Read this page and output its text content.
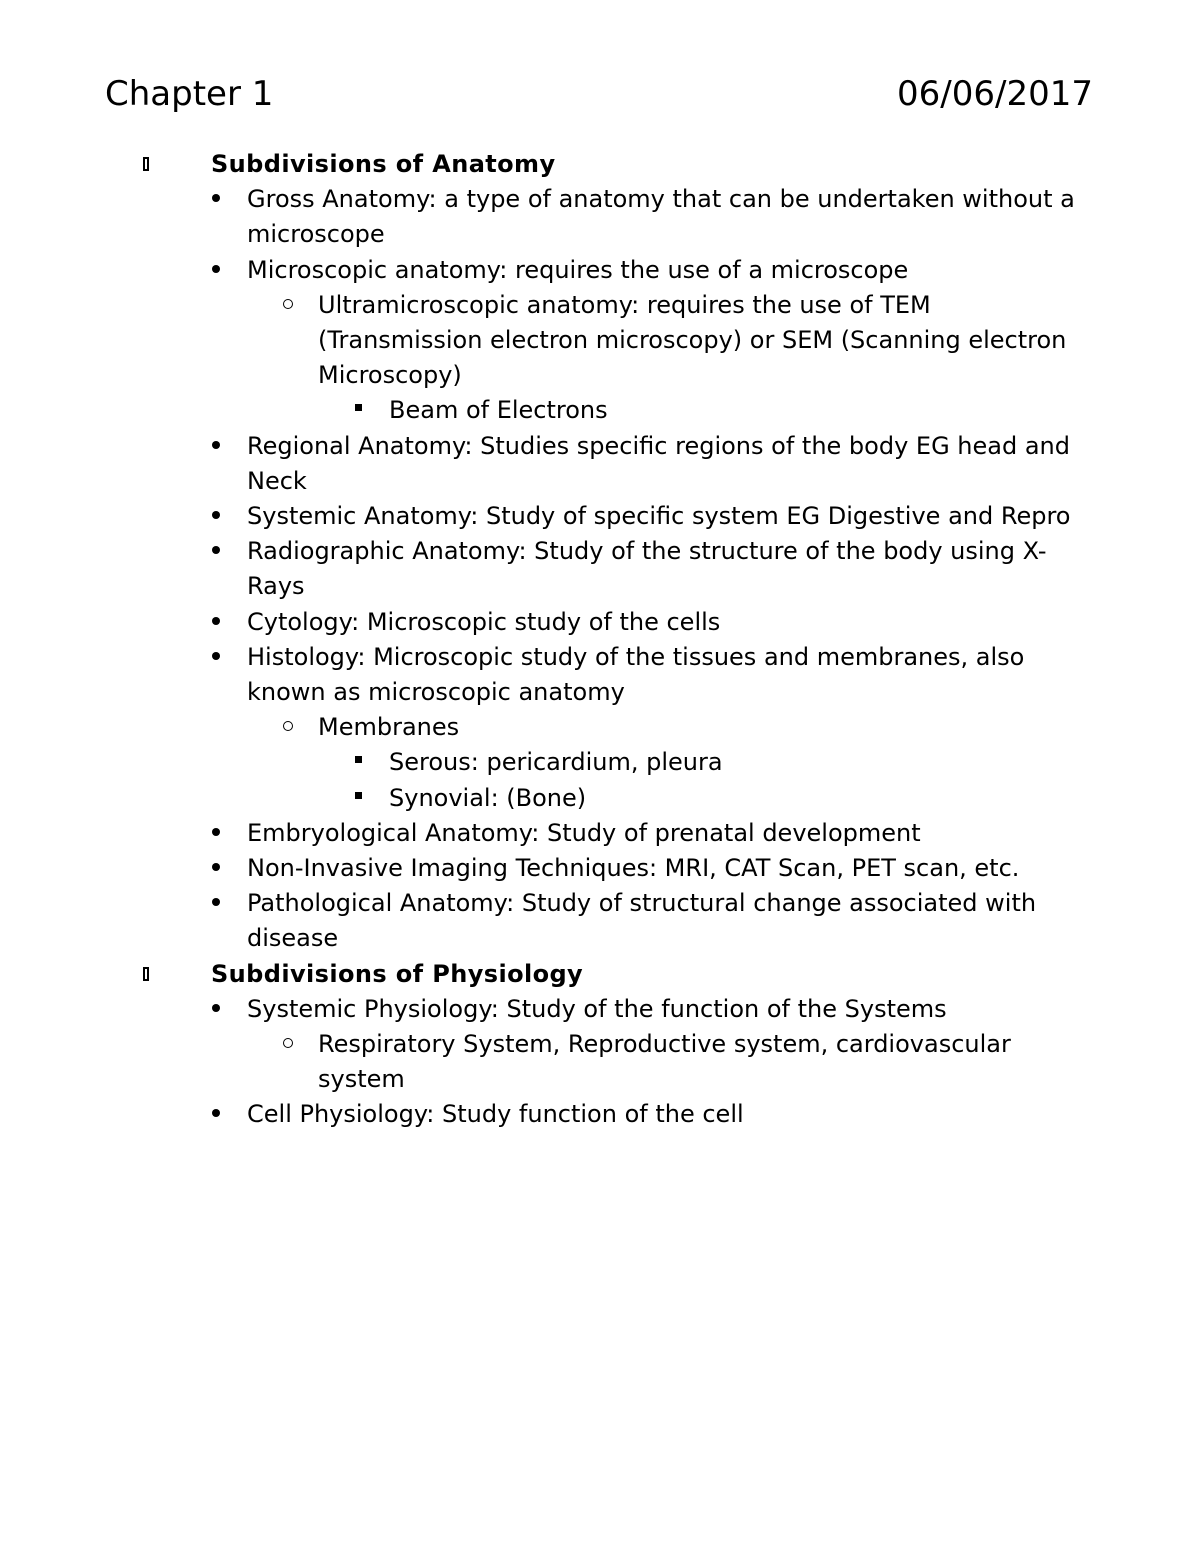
Chapter 1	06/06/2017
Subdivisions of Anatomy
Gross Anatomy: a type of anatomy that can be undertaken without a microscope
Microscopic anatomy: requires the use of a microscope
Ultramicroscopic anatomy: requires the use of TEM (Transmission electron microscopy) or SEM (Scanning electron Microscopy)
Beam of Electrons
Regional Anatomy: Studies specific regions of the body EG head and Neck
Systemic Anatomy: Study of specific system EG Digestive and Repro
Radiographic Anatomy: Study of the structure of the body using X-Rays
Cytology: Microscopic study of the cells
Histology: Microscopic study of the tissues and membranes, also known as microscopic anatomy
Membranes
Serous: pericardium, pleura
Synovial: (Bone)
Embryological Anatomy: Study of prenatal development
Non-Invasive Imaging Techniques: MRI, CAT Scan, PET scan, etc.
Pathological Anatomy: Study of structural change associated with disease
Subdivisions of Physiology
Systemic Physiology: Study of the function of the Systems
Respiratory System, Reproductive system, cardiovascular system
Cell Physiology: Study function of the cell
